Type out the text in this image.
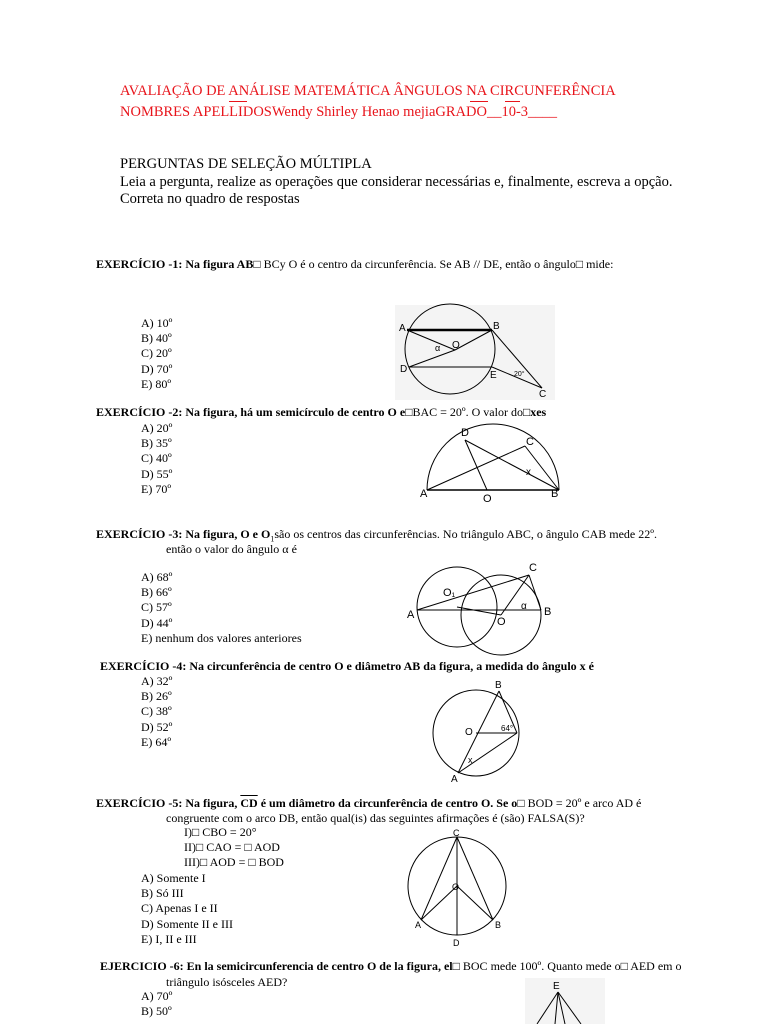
AVALIAÇÃO DE ANÁLISE MATEMÁTICA ÂNGULOS NA CIRCUNFERÊNCIA
NOMBRES APELLIDOSWendy Shirley Henao mejiaGRADO__10-3____
PERGUNTAS DE SELEÇÃO MÚLTIPLA
Leia a pergunta, realize as operações que considerar necessárias e, finalmente, escreva a opção.
Correta no quadro de respostas
EXERCÍCIO -1: Na figura AB□ BCy O é o centro da circunferência. Se AB // DE, então o ângulo□ mide:
A) 10º
B) 40º
C) 20º
D) 70º
E) 80º
A	B
O
D
E
C
α
20°
EXERCÍCIO -2: Na figura, há um semicírculo de centro O e□BAC = 20º. O valor do□xes
A) 20º
B) 35º
C) 40º
D) 55º
E) 70º	A	B
O
D
C
x
EXERCÍCIO -3: Na figura, O e $O_1são$ os centros das circunferências. No triângulo ABC, o ângulo CAB mede 22º.
então o valor do ângulo α é
A) 68º
B) 66º
C) 57º
D) 44º
E) nenhum dos valores anteriores
A	B
O
O₁
C
α
EXERCÍCIO -4: Na circunferência de centro O e diâmetro AB da figura, a medida do ângulo x é
A) 32º
B) 26º
C) 38º
D) 52º
E) 64º
A
B
O
x
64°
EXERCÍCIO -5: Na figura, $\overline{CD}$ é um diâmetro da circunferência de centro O. Se o□ BOD = 20º e arco AD é
congruente com o arco DB, então qual(is) das seguintes afirmações é (são) FALSA(S)?
I)□ CBO = 20°
II)□ CAO = □ AOD
III)□ AOD = □ BOD
A) Somente I
B) Só III
C) Apenas I e II
D) Somente II e III
E) I, II e III
A	B
O
C
D
EJERCICIO -6: En la semicircunferencia de centro O de la figura, el□ BOC mede 100º. Quanto mede o□ AED em o
triângulo isósceles AED?
A) 70º
B) 50º
E
